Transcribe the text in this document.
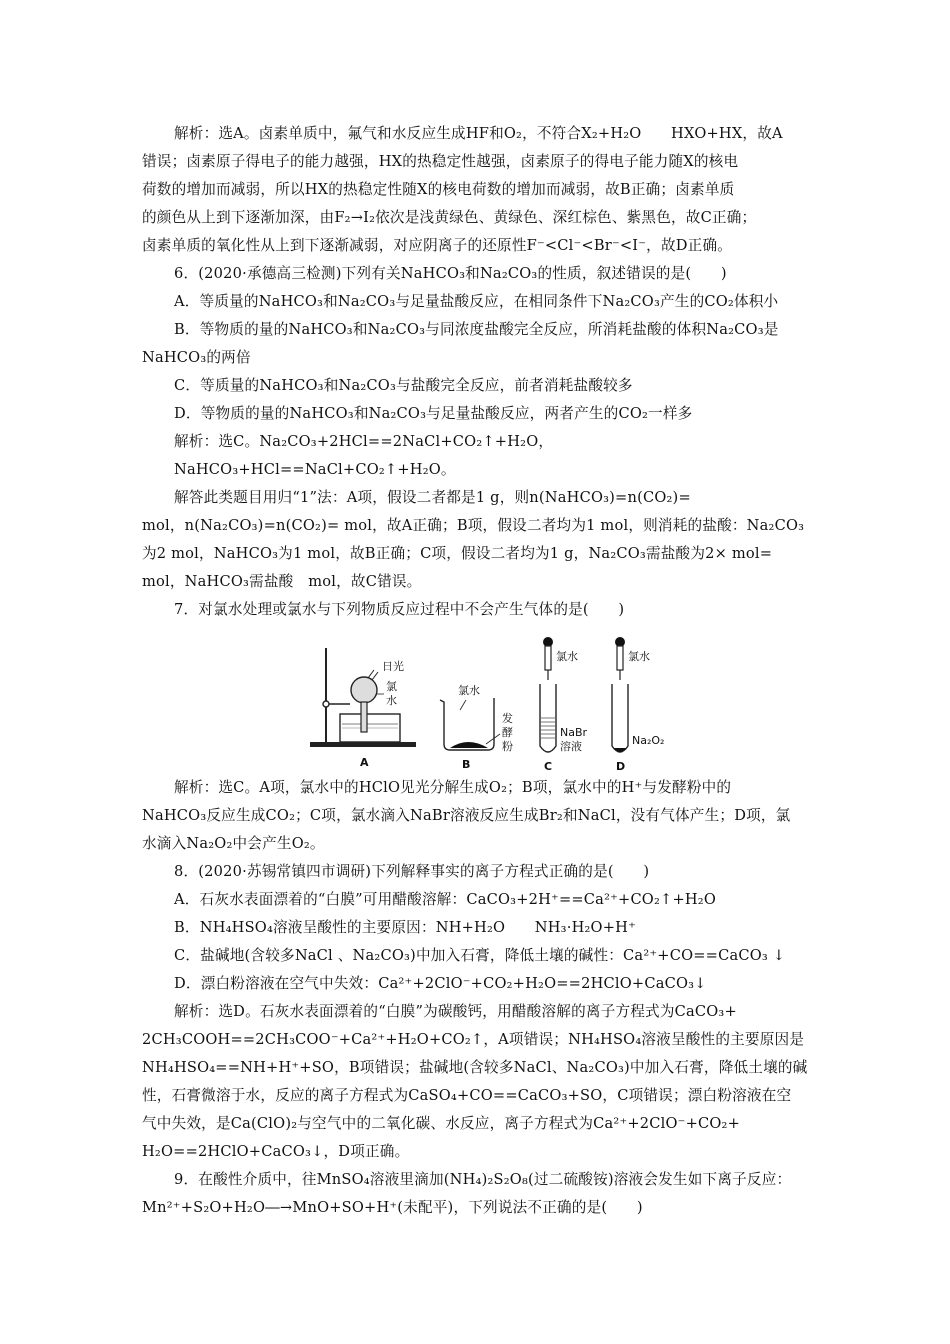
解析：选A。卤素单质中，氟气和水反应生成HF和O₂，不符合X₂+H₂O　　HXO+HX，故A
错误；卤素原子得电子的能力越强，HX的热稳定性越强，卤素原子的得电子能力随X的核电
荷数的增加而减弱，所以HX的热稳定性随X的核电荷数的增加而减弱，故B正确；卤素单质
的颜色从上到下逐渐加深，由F₂→I₂依次是浅黄绿色、黄绿色、深红棕色、紫黑色，故C正确；
卤素单质的氧化性从上到下逐渐减弱，对应阴离子的还原性F⁻<Cl⁻<Br⁻<I⁻，故D正确。
6．(2020·承德高三检测)下列有关NaHCO₃和Na₂CO₃的性质，叙述错误的是(　　)
A．等质量的NaHCO₃和Na₂CO₃与足量盐酸反应，在相同条件下Na₂CO₃产生的CO₂体积小
B．等物质的量的NaHCO₃和Na₂CO₃与同浓度盐酸完全反应，所消耗盐酸的体积Na₂CO₃是
NaHCO₃的两倍
C．等质量的NaHCO₃和Na₂CO₃与盐酸完全反应，前者消耗盐酸较多
D．等物质的量的NaHCO₃和Na₂CO₃与足量盐酸反应，两者产生的CO₂一样多
解析：选C。Na₂CO₃+2HCl==2NaCl+CO₂↑+H₂O，
NaHCO₃+HCl==NaCl+CO₂↑+H₂O。
解答此类题目用归“1”法：A项，假设二者都是1 g，则n(NaHCO₃)=n(CO₂)=
mol，n(Na₂CO₃)=n(CO₂)= mol，故A正确；B项，假设二者均为1 mol，则消耗的盐酸：Na₂CO₃
为2 mol，NaHCO₃为1 mol，故B正确；C项，假设二者均为1 g，Na₂CO₃需盐酸为2× mol=
mol，NaHCO₃需盐酸　mol，故C错误。
7．对氯水处理或氯水与下列物质反应过程中不会产生气体的是(　　)
日光
氯
水
A
氯水
发
酵
粉
B
氯水
NaBr
溶液
C
氯水
Na₂O₂
D
解析：选C。A项，氯水中的HClO见光分解生成O₂；B项，氯水中的H⁺与发酵粉中的
NaHCO₃反应生成CO₂；C项，氯水滴入NaBr溶液反应生成Br₂和NaCl，没有气体产生；D项，氯
水滴入Na₂O₂中会产生O₂。
8．(2020·苏锡常镇四市调研)下列解释事实的离子方程式正确的是(　　)
A．石灰水表面漂着的“白膜”可用醋酸溶解：CaCO₃+2H⁺==Ca²⁺+CO₂↑+H₂O
B．NH₄HSO₄溶液呈酸性的主要原因：NH+H₂O　　NH₃·H₂O+H⁺
C．盐碱地(含较多NaCl 、Na₂CO₃)中加入石膏，降低土壤的碱性：Ca²⁺+CO==CaCO₃ ↓
D．漂白粉溶液在空气中失效：Ca²⁺+2ClO⁻+CO₂+H₂O==2HClO+CaCO₃↓
解析：选D。石灰水表面漂着的“白膜”为碳酸钙，用醋酸溶解的离子方程式为CaCO₃+
2CH₃COOH==2CH₃COO⁻+Ca²⁺+H₂O+CO₂↑，A项错误；NH₄HSO₄溶液呈酸性的主要原因是
NH₄HSO₄==NH+H⁺+SO，B项错误；盐碱地(含较多NaCl、Na₂CO₃)中加入石膏，降低土壤的碱
性，石膏微溶于水，反应的离子方程式为CaSO₄+CO==CaCO₃+SO，C项错误；漂白粉溶液在空
气中失效，是Ca(ClO)₂与空气中的二氧化碳、水反应，离子方程式为Ca²⁺+2ClO⁻+CO₂+
H₂O==2HClO+CaCO₃↓，D项正确。
9．在酸性介质中，往MnSO₄溶液里滴加(NH₄)₂S₂O₈(过二硫酸铵)溶液会发生如下离子反应：
Mn²⁺+S₂O+H₂O―→MnO+SO+H⁺(未配平)，下列说法不正确的是(　　)
